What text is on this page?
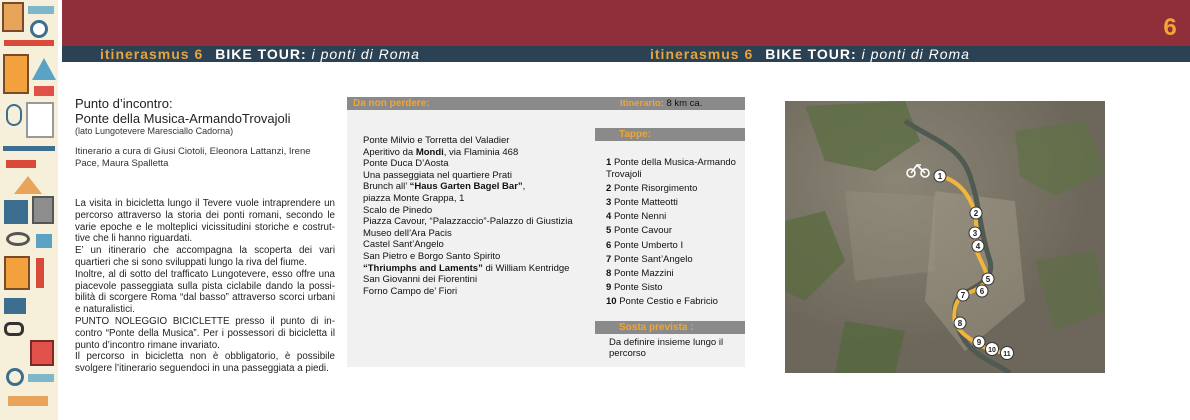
itinerasmus 6 BIKE TOUR: i ponti di Roma	itinerasmus 6 BIKE TOUR: i ponti di Roma
6
Punto d’incontro:
Ponte della Musica-ArmandoTrovajoli
(lato Lungotevere Maresciallo Cadorna)
Itinerario a cura di Giusi Ciotoli, Eleonora Lattanzi, Irene Pace, Maura Spalletta
La visita in bicicletta lungo il Tevere vuole intraprendere un percorso attraverso la storia dei ponti romani, secondo le varie epoche e le molteplici vicissitudini storiche e costrut-tive che li hanno riguardati.
E’ un itinerario che accompagna la scoperta dei vari quartieri che si sono sviluppati lungo la riva del fiume.
Inoltre, al di sotto del trafficato Lungotevere, esso offre una piacevole passeggiata sulla pista ciclabile dando la possi-bilità di scorgere Roma “dal basso” attraverso scorci urbani e naturalistici.
PUNTO NOLEGGIO BICICLETTE presso il punto di in-contro “Ponte della Musica”. Per i possessori di bicicletta il punto d’incontro rimane invariato.
Il percorso in bicicletta non è obbligatorio, è possibile svolgere l’itinerario seguendoci in una passeggiata a piedi.
Da non perdere:	Itinerario: 8 km ca.
Ponte Milvio e Torretta del Valadier
Aperitivo da Mondi, via Flaminia 468
Ponte Duca D’Aosta
Una passeggiata nel quartiere Prati
Brunch all’ “Haus Garten Bagel Bar”,
piazza Monte Grappa, 1
Scalo de Pinedo
Piazza Cavour, “Palazzaccio”-Palazzo di Giustizia
Museo dell’Ara Pacis
Castel Sant’Angelo
San Pietro e Borgo Santo Spirito
“Thriumphs and Laments” di William Kentridge
San Giovanni dei Fiorentini
Forno Campo de’ Fiori
Tappe:
1 Ponte della Musica-Armando Trovajoli
2 Ponte Risorgimento
3 Ponte Matteotti
4 Ponte Nenni
5 Ponte Cavour
6 Ponte Umberto I
7 Ponte Sant’Angelo
8 Ponte Mazzini
9 Ponte Sisto
10 Ponte Cestio e Fabricio
Sosta prevista :
Da definire insieme lungo il percorso
1
2
3
4
5
6
7
8
9
10
11
